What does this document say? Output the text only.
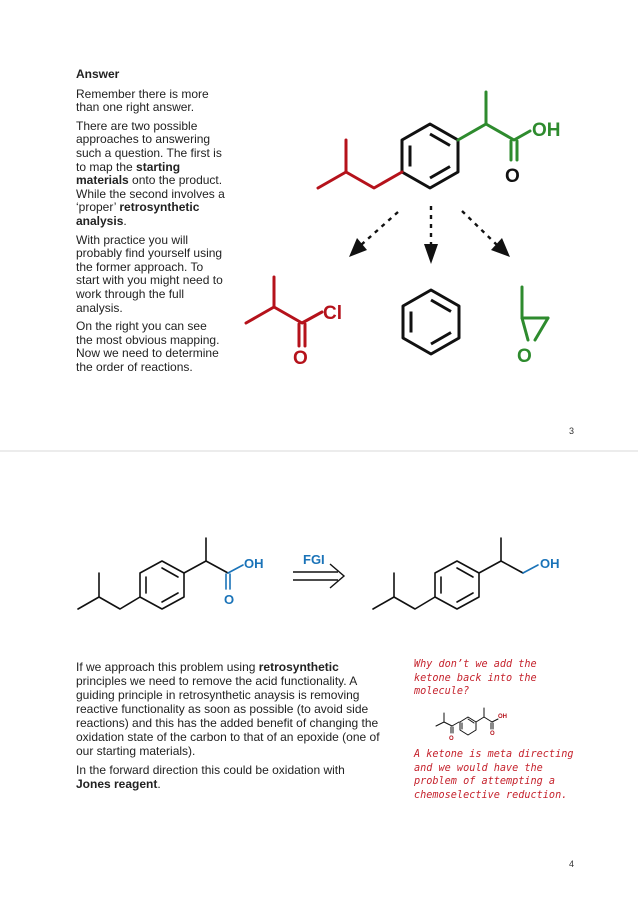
Answer

Remember there is more than one right answer.

There are two possible approaches to answering such a question. The first is to map the starting materials onto the product. While the second involves a ‘proper’ retrosynthetic analysis.

With practice you will probably find yourself using the former approach. To start with you might need to work through the full analysis.

On the right you can see the most obvious mapping. Now we need to determine the order of reactions.

OH
O
Cl
O	O
3
OH
O
FGI	OH

If we approach this problem using retrosynthetic principles we need to remove the acid functionality. A guiding principle in retrosynthetic anaysis is removing reactive functionality as soon as possible (to avoid side reactions) and this has the added benefit of changing the oxidation state of the carbon to that of an epoxide (one of our starting materials).

In the forward direction this could be oxidation with Jones reagent.

Why don’t we add the ketone back into the molecule?
OH
O
O
A ketone is meta directing and we would have the problem of attempting a chemoselective reduction.
4
